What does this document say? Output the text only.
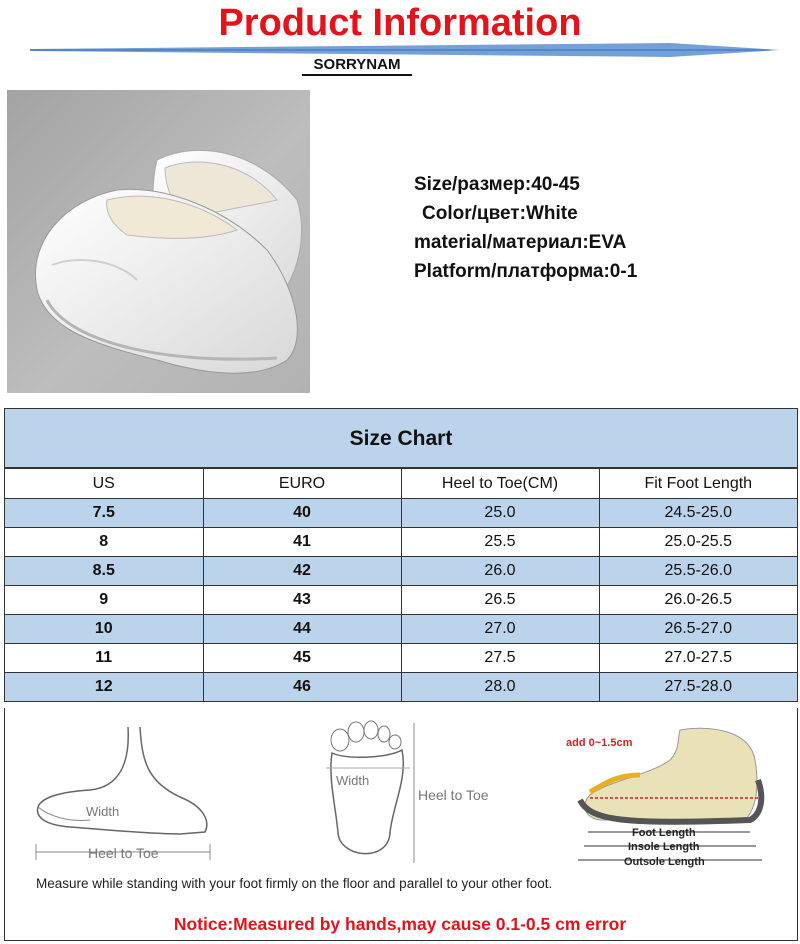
Product Information
SORRYNAM
Size/размер:40-45
Color/цвет:White
material/материал:EVA
Platform/платформа:0-1
Size Chart
US	EURO	Heel to Toe(CM)	Fit Foot Length
7.5	40	25.0	24.5-25.0
8	41	25.5	25.0-25.5
8.5	42	26.0	25.5-26.0
9	43	26.5	26.0-26.5
10	44	27.0	26.5-27.0
11	45	27.5	27.0-27.5
12	46	28.0	27.5-28.0
Width
Heel to Toe
Width
Heel to Toe
add 0~1.5cm
Foot Length
Insole Length
Outsole Length
Measure while standing with your foot firmly on the floor and parallel to your other foot.
Notice:Measured by hands,may cause 0.1-0.5 cm error
